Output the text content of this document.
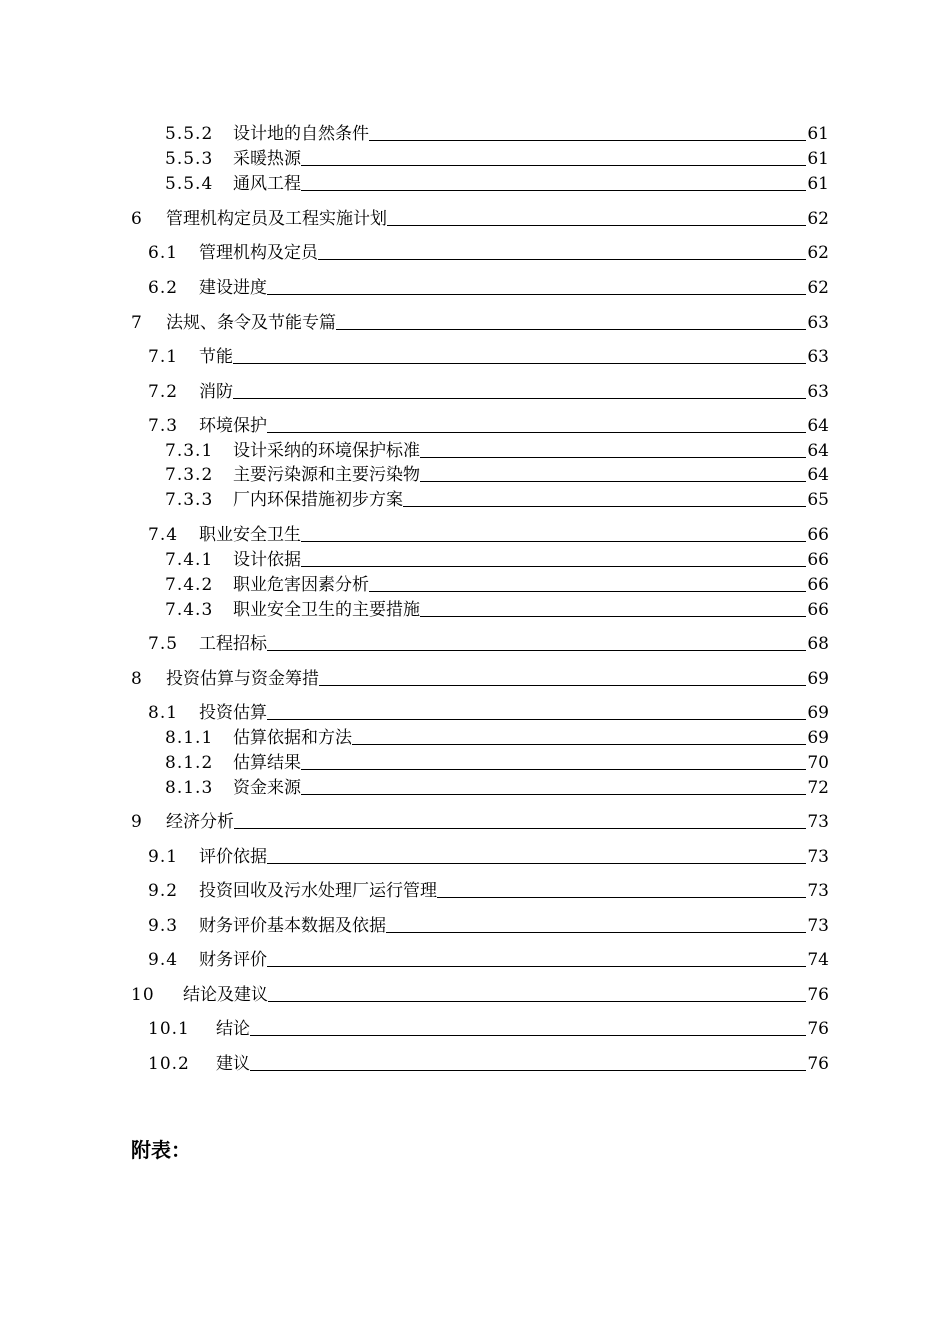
5.5.2 设计地的自然条件	61
5.5.3 采暖热源	61
5.5.4 通风工程	61
6 管理机构定员及工程实施计划	62
6.1 管理机构及定员	62
6.2 建设进度	62
7 法规、条令及节能专篇	63
7.1 节能	63
7.2 消防	63
7.3 环境保护	64
7.3.1 设计采纳的环境保护标准	64
7.3.2 主要污染源和主要污染物	64
7.3.3 厂内环保措施初步方案	65
7.4 职业安全卫生	66
7.4.1 设计依据	66
7.4.2 职业危害因素分析	66
7.4.3 职业安全卫生的主要措施	66
7.5 工程招标	68
8 投资估算与资金筹措	69
8.1 投资估算	69
8.1.1 估算依据和方法	69
8.1.2 估算结果	70
8.1.3 资金来源	72
9 经济分析	73
9.1 评价依据	73
9.2 投资回收及污水处理厂运行管理	73
9.3 财务评价基本数据及依据	73
9.4 财务评价	74
10 结论及建议	76
10.1 结论	76
10.2 建议	76
附表：
